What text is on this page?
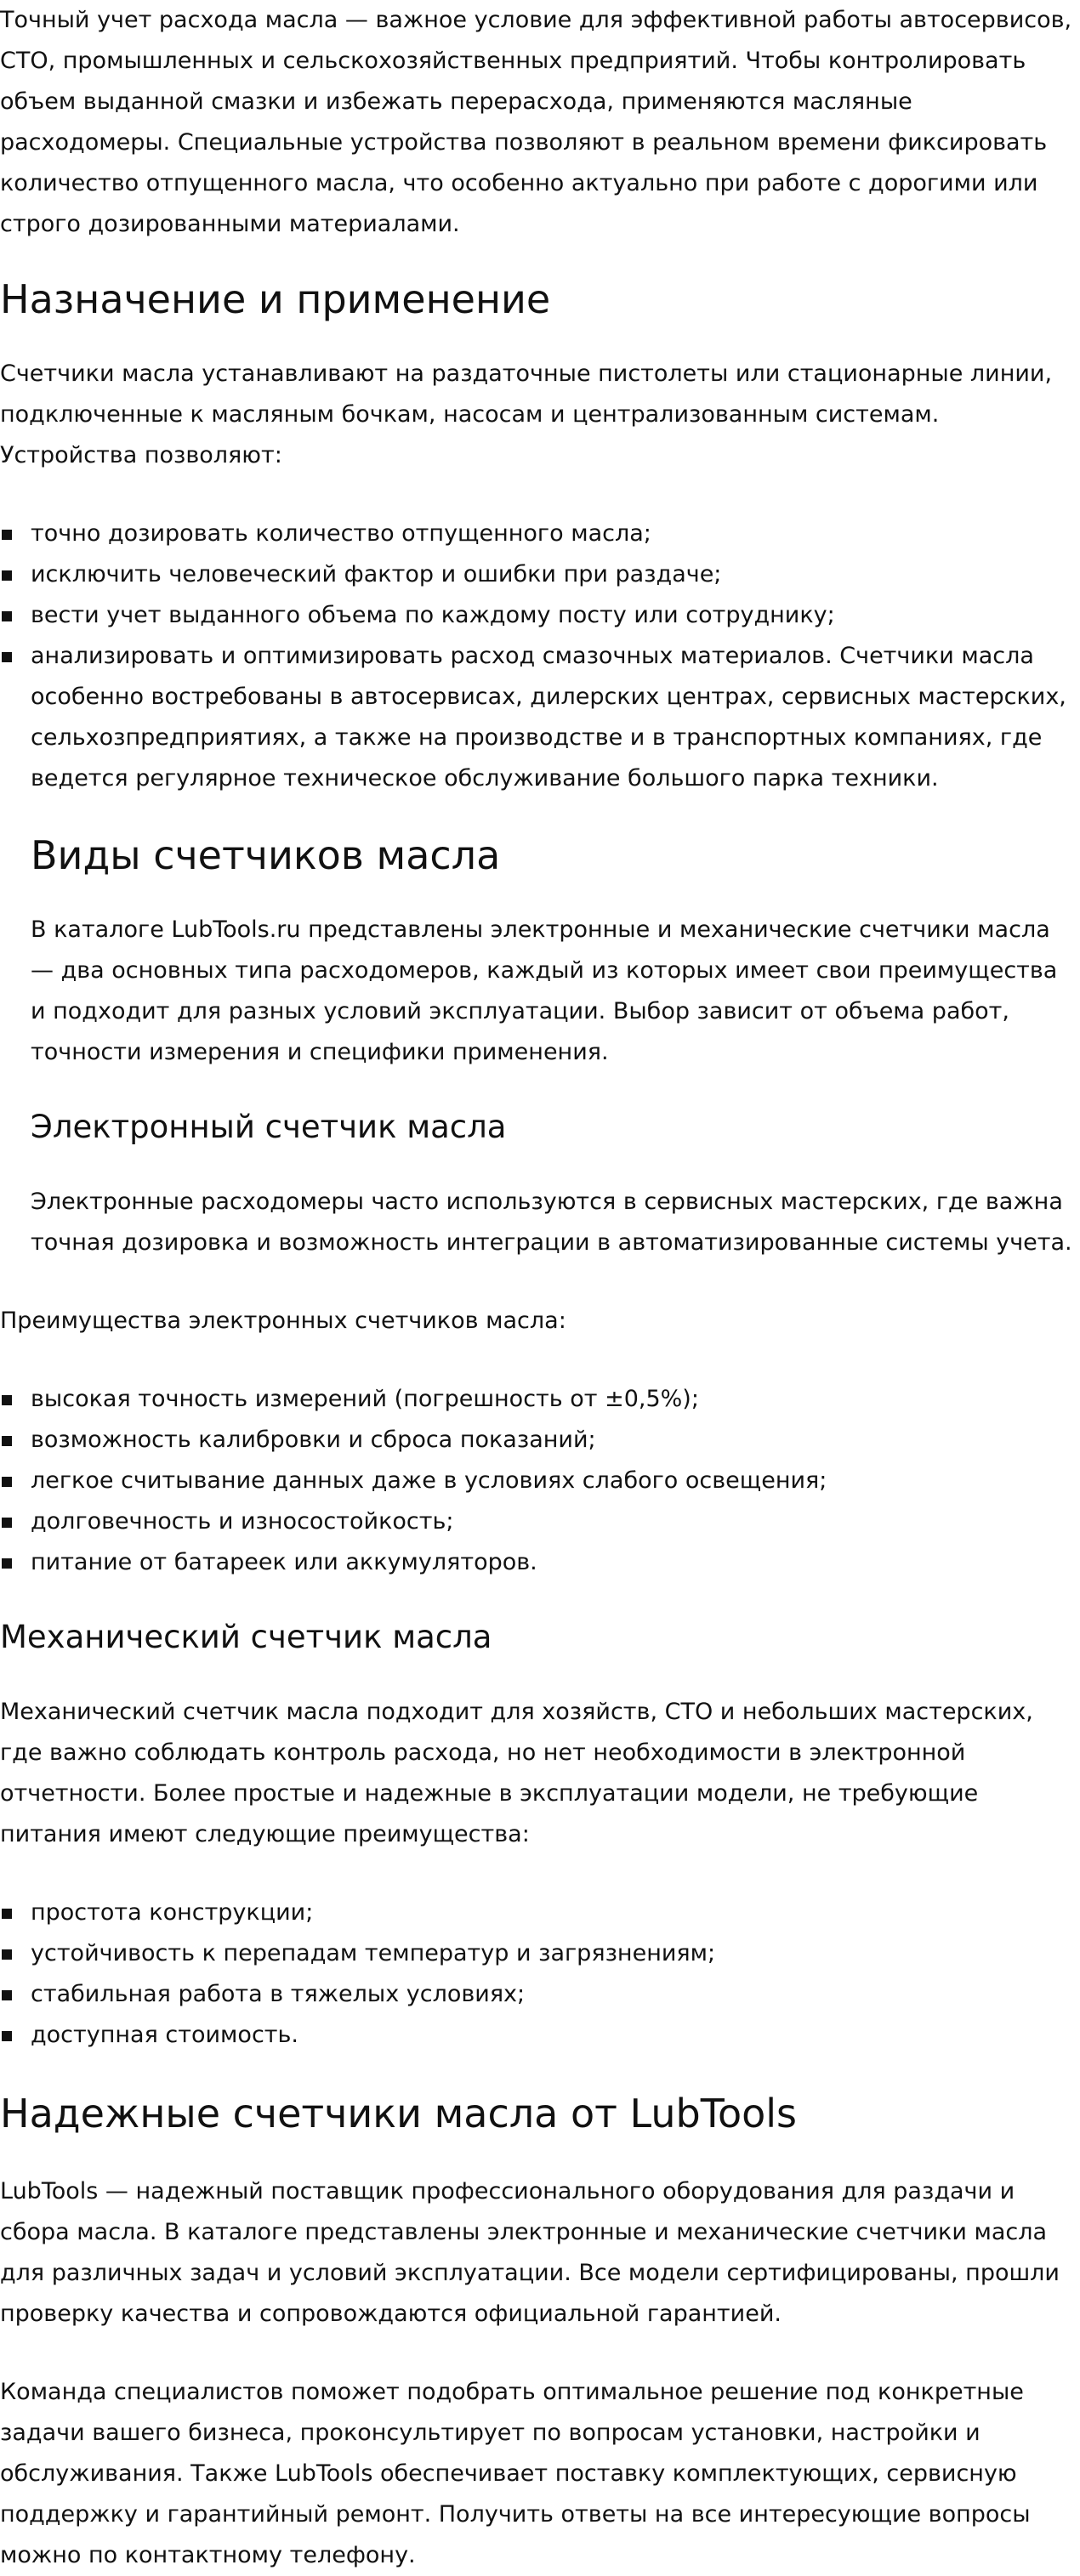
Точный учет расхода масла — важное условие для эффективной работы автосервисов, СТО, промышленных и сельскохозяйственных предприятий. Чтобы контролировать объем выданной смазки и избежать перерасхода, применяются масляные расходомеры. Специальные устройства позволяют в реальном времени фиксировать количество отпущенного масла, что особенно актуально при работе с дорогими или строго дозированными материалами.

Назначение и применение

Счетчики масла устанавливают на раздаточные пистолеты или стационарные линии, подключенные к масляным бочкам, насосам и централизованным системам. Устройства позволяют:

точно дозировать количество отпущенного масла;
исключить человеческий фактор и ошибки при раздаче;
вести учет выданного объема по каждому посту или сотруднику;
анализировать и оптимизировать расход смазочных материалов. Счетчики масла особенно востребованы в автосервисах, дилерских центрах, сервисных мастерских, сельхозпредприятиях, а также на производстве и в транспортных компаниях, где ведется регулярное техническое обслуживание большого парка техники.
Виды счетчиков масла

В каталоге LubTools.ru представлены электронные и механические счетчики масла — два основных типа расходомеров, каждый из которых имеет свои преимущества и подходит для разных условий эксплуатации. Выбор зависит от объема работ, точности измерения и специфики применения.

Электронный счетчик масла

Электронные расходомеры часто используются в сервисных мастерских, где важна точная дозировка и возможность интеграции в автоматизированные системы учета.

Преимущества электронных счетчиков масла:

высокая точность измерений (погрешность от ±0,5%);
возможность калибровки и сброса показаний;
легкое считывание данных даже в условиях слабого освещения;
долговечность и износостойкость;
питание от батареек или аккумуляторов.
Механический счетчик масла

Механический счетчик масла подходит для хозяйств, СТО и небольших мастерских, где важно соблюдать контроль расхода, но нет необходимости в электронной отчетности. Более простые и надежные в эксплуатации модели, не требующие питания имеют следующие преимущества:

простота конструкции;
устойчивость к перепадам температур и загрязнениям;
стабильная работа в тяжелых условиях;
доступная стоимость.
Надежные счетчики масла от LubTools

LubTools — надежный поставщик профессионального оборудования для раздачи и сбора масла. В каталоге представлены электронные и механические счетчики масла для различных задач и условий эксплуатации. Все модели сертифицированы, прошли проверку качества и сопровождаются официальной гарантией.

Команда специалистов поможет подобрать оптимальное решение под конкретные задачи вашего бизнеса, проконсультирует по вопросам установки, настройки и обслуживания. Также LubTools обеспечивает поставку комплектующих, сервисную поддержку и гарантийный ремонт. Получить ответы на все интересующие вопросы можно по контактному телефону.
